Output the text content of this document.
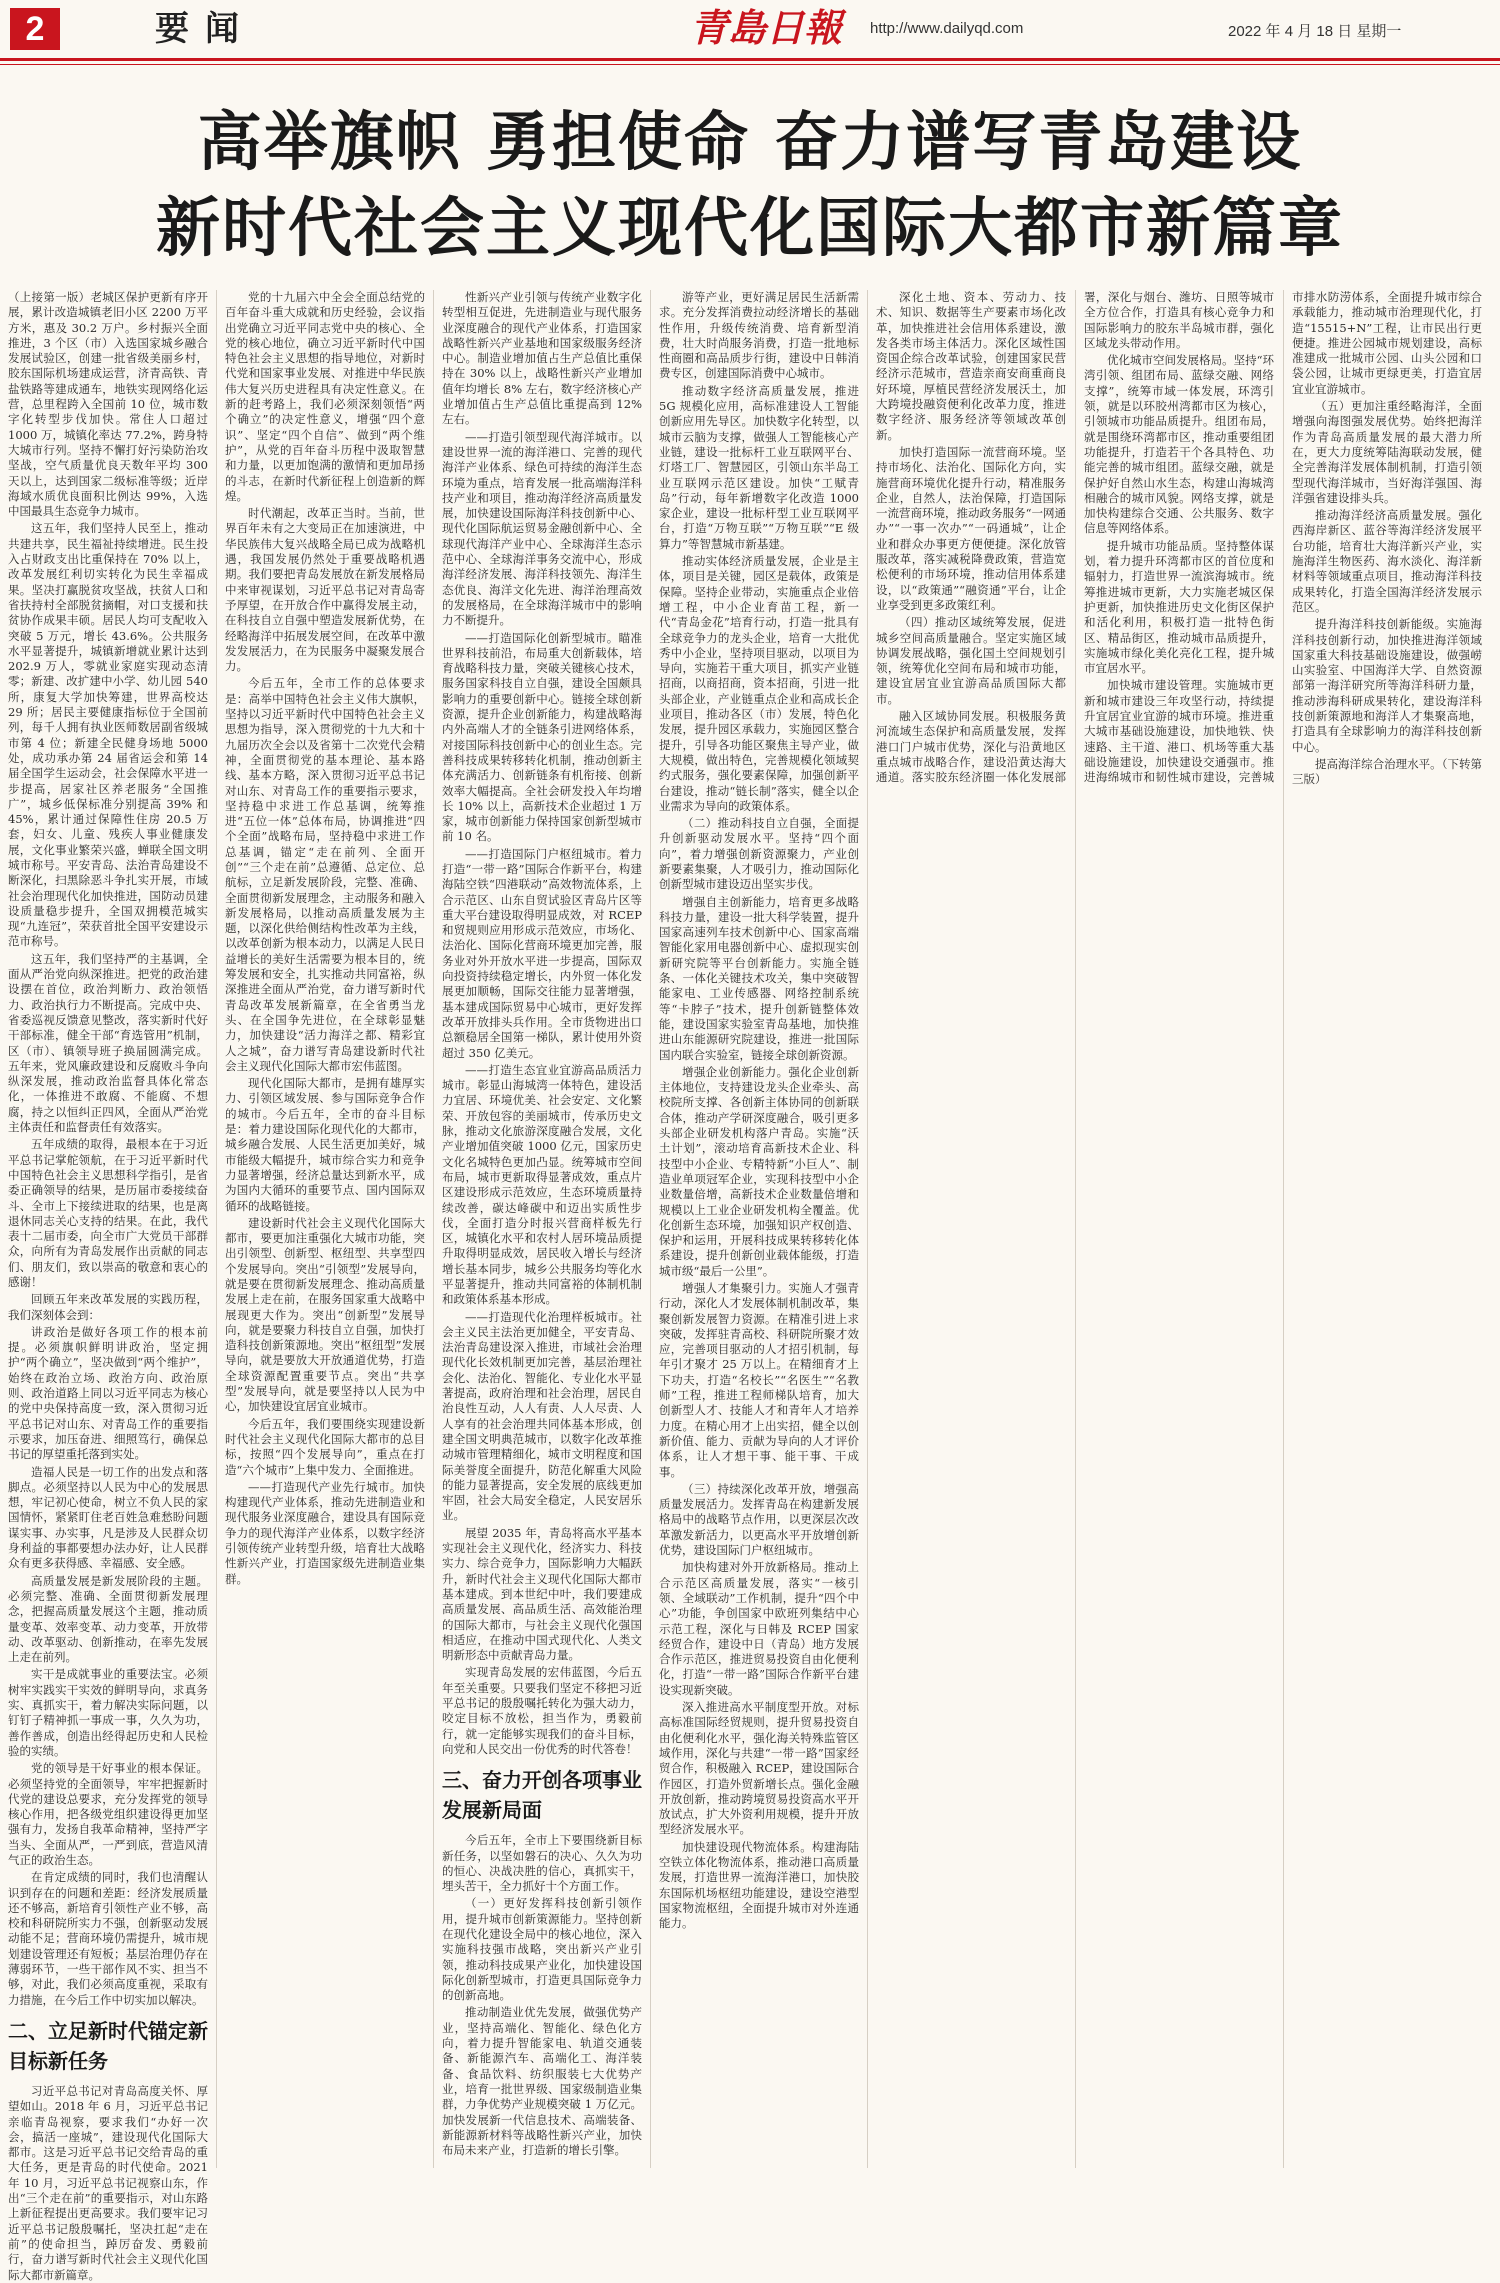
2	要闻	青島日報 http://www.dailyqd.com	2022 年 4 月 18 日 星期一
高举旗帜 勇担使命 奋力谱写青岛建设
新时代社会主义现代化国际大都市新篇章

（上接第一版）老城区保护更新有序开展，累计改造城镇老旧小区 2200 万平方米，惠及 30.2 万户。乡村振兴全面推进，3 个区（市）入选国家城乡融合发展试验区，创建一批省级美丽乡村，胶东国际机场建成运营，济青高铁、青盐铁路等建成通车，地铁实现网络化运营，总里程跨入全国前 10 位，城市数字化转型步伐加快。常住人口超过 1000 万，城镇化率达 77.2%，跨身特大城市行列。坚持不懈打好污染防治攻坚战，空气质量优良天数年平均 300 天以上，达到国家二级标准等级；近岸海域水质优良面积比例达 99%，入选中国最具生态竞争力城市。

这五年，我们坚持人民至上，推动共建共享，民生福祉持续增进。民生投入占财政支出比重保持在 70% 以上，改革发展红利切实转化为民生幸福成果。坚决打赢脱贫攻坚战，扶贫人口和省扶持村全部脱贫摘帽，对口支援和扶贫协作成果丰硕。居民人均可支配收入突破 5 万元，增长 43.6%。公共服务水平显著提升，城镇新增就业累计达到 202.9 万人，零就业家庭实现动态清零；新建、改扩建中小学、幼儿园 540 所，康复大学加快筹建，世界高校达 29 所；居民主要健康指标位于全国前列，每千人拥有执业医师数居副省级城市第 4 位；新建全民健身场地 5000 处，成功承办第 24 届省运会和第 14 届全国学生运动会，社会保障水平进一步提高，居家社区养老服务“全国推广”，城乡低保标准分别提高 39% 和 45%，累计通过保障性住房 20.5 万套，妇女、儿童、残疾人事业健康发展，文化事业繁荣兴盛，蝉联全国文明城市称号。平安青岛、法治青岛建设不断深化，扫黑除恶斗争扎实开展，市域社会治理现代化加快推进，国防动员建设质量稳步提升，全国双拥模范城实现“九连冠”，荣获首批全国平安建设示范市称号。

这五年，我们坚持严的主基调，全面从严治党向纵深推进。把党的政治建设摆在首位，政治判断力、政治领悟力、政治执行力不断提高。完成中央、省委巡视反馈意见整改，落实新时代好干部标准，健全干部“育选管用”机制，区（市）、镇领导班子换届圆满完成。五年来，党风廉政建设和反腐败斗争向纵深发展，推动政治监督具体化常态化，一体推进不敢腐、不能腐、不想腐，持之以恒纠正四风，全面从严治党主体责任和监督责任有效落实。

五年成绩的取得，最根本在于习近平总书记掌舵领航，在于习近平新时代中国特色社会主义思想科学指引，是省委正确领导的结果，是历届市委接续奋斗、全市上下接续进取的结果，也是离退休同志关心支持的结果。在此，我代表十二届市委，向全市广大党员干部群众，向所有为青岛发展作出贡献的同志们、朋友们，致以崇高的敬意和衷心的感谢！

回顾五年来改革发展的实践历程，我们深刻体会到：

讲政治是做好各项工作的根本前提。必须旗帜鲜明讲政治，坚定拥护“两个确立”，坚决做到“两个维护”，始终在政治立场、政治方向、政治原则、政治道路上同以习近平同志为核心的党中央保持高度一致，深入贯彻习近平总书记对山东、对青岛工作的重要指示要求，加压奋进、细照笃行，确保总书记的厚望重托落到实处。

造福人民是一切工作的出发点和落脚点。必须坚持以人民为中心的发展思想，牢记初心使命，树立不负人民的家国情怀，紧紧盯住老百姓急难愁盼问题谋实事、办实事，凡是涉及人民群众切身利益的事都要想办法办好，让人民群众有更多获得感、幸福感、安全感。

高质量发展是新发展阶段的主题。必须完整、准确、全面贯彻新发展理念，把握高质量发展这个主题，推动质量变革、效率变革、动力变革，开放带动、改革驱动、创新推动，在率先发展上走在前列。

实干是成就事业的重要法宝。必须树牢实践实干实效的鲜明导向，求真务实、真抓实干，着力解决实际问题，以钉钉子精神抓一事成一事，久久为功，善作善成，创造出经得起历史和人民检验的实绩。

党的领导是干好事业的根本保证。必须坚持党的全面领导，牢牢把握新时代党的建设总要求，充分发挥党的领导核心作用，把各级党组织建设得更加坚强有力，发扬自我革命精神，坚持严字当头、全面从严，一严到底，营造风清气正的政治生态。

在肯定成绩的同时，我们也清醒认识到存在的问题和差距：经济发展质量还不够高，新培育引领性产业不够，高校和科研院所实力不强，创新驱动发展动能不足；营商环境仍需提升，城市规划建设管理还有短板；基层治理仍存在薄弱环节，一些干部作风不实、担当不够，对此，我们必须高度重视，采取有力措施，在今后工作中切实加以解决。

二、立足新时代锚定新目标新任务

习近平总书记对青岛高度关怀、厚望如山。2018 年 6 月，习近平总书记亲临青岛视察，要求我们“办好一次会，搞活一座城”，建设现代化国际大都市。这是习近平总书记交给青岛的重大任务，更是青岛的时代使命。2021 年 10 月，习近平总书记视察山东，作出“三个走在前”的重要指示，对山东路上新征程提出更高要求。我们要牢记习近平总书记殷殷嘱托，坚决扛起“走在前”的使命担当，踔厉奋发、勇毅前行，奋力谱写新时代社会主义现代化国际大都市新篇章。

党的十九届六中全会全面总结党的百年奋斗重大成就和历史经验，会议指出党确立习近平同志党中央的核心、全党的核心地位，确立习近平新时代中国特色社会主义思想的指导地位，对新时代党和国家事业发展、对推进中华民族伟大复兴历史进程具有决定性意义。在新的赶考路上，我们必须深刻领悟“两个确立”的决定性意义，增强“四个意识”、坚定“四个自信”、做到“两个维护”，从党的百年奋斗历程中汲取智慧和力量，以更加饱满的激情和更加昂扬的斗志，在新时代新征程上创造新的辉煌。

时代潮起，改革正当时。当前，世界百年未有之大变局正在加速演进，中华民族伟大复兴战略全局已成为战略机遇，我国发展仍然处于重要战略机遇期。我们要把青岛发展放在新发展格局中来审视谋划，习近平总书记对青岛寄予厚望，在开放合作中赢得发展主动，在科技自立自强中塑造发展新优势，在经略海洋中拓展发展空间，在改革中激发发展活力，在为民服务中凝聚发展合力。

今后五年，全市工作的总体要求是：高举中国特色社会主义伟大旗帜，坚持以习近平新时代中国特色社会主义思想为指导，深入贯彻党的十九大和十九届历次全会以及省第十二次党代会精神，全面贯彻党的基本理论、基本路线、基本方略，深入贯彻习近平总书记对山东、对青岛工作的重要指示要求，坚持稳中求进工作总基调，统筹推进“五位一体”总体布局，协调推进“四个全面”战略布局，坚持稳中求进工作总基调，锚定“走在前列、全面开创”“三个走在前”总遵循、总定位、总航标，立足新发展阶段，完整、准确、全面贯彻新发展理念，主动服务和融入新发展格局，以推动高质量发展为主题，以深化供给侧结构性改革为主线，以改革创新为根本动力，以满足人民日益增长的美好生活需要为根本目的，统筹发展和安全，扎实推动共同富裕，纵深推进全面从严治党，奋力谱写新时代青岛改革发展新篇章，在全省勇当龙头、在全国争先进位，在全球彰显魅力，加快建设“活力海洋之都、精彩宜人之城”，奋力谱写青岛建设新时代社会主义现代化国际大都市宏伟蓝图。

现代化国际大都市，是拥有雄厚实力、引领区域发展、参与国际竞争合作的城市。今后五年，全市的奋斗目标是：着力建设国际化现代化的大都市，城乡融合发展、人民生活更加美好，城市能级大幅提升，城市综合实力和竞争力显著增强，经济总量达到新水平，成为国内大循环的重要节点、国内国际双循环的战略链接。

建设新时代社会主义现代化国际大都市，要更加注重强化大城市功能，突出引领型、创新型、枢纽型、共享型四个发展导向。突出“引领型”发展导向，就是要在贯彻新发展理念、推动高质量发展上走在前，在服务国家重大战略中展现更大作为。突出“创新型”发展导向，就是要聚力科技自立自强，加快打造科技创新策源地。突出“枢纽型”发展导向，就是要放大开放通道优势，打造全球资源配置重要节点。突出“共享型”发展导向，就是要坚持以人民为中心，加快建设宜居宜业城市。

今后五年，我们要围绕实现建设新时代社会主义现代化国际大都市的总目标，按照“四个发展导向”，重点在打造“六个城市”上集中发力、全面推进。

——打造现代产业先行城市。加快构建现代产业体系，推动先进制造业和现代服务业深度融合，建设具有国际竞争力的现代海洋产业体系，以数字经济引领传统产业转型升级，培育壮大战略性新兴产业，打造国家级先进制造业集群。

性新兴产业引领与传统产业数字化转型相互促进，先进制造业与现代服务业深度融合的现代产业体系，打造国家战略性新兴产业基地和国家级服务经济中心。制造业增加值占生产总值比重保持在 30% 以上，战略性新兴产业增加值年均增长 8% 左右，数字经济核心产业增加值占生产总值比重提高到 12% 左右。

——打造引领型现代海洋城市。以建设世界一流的海洋港口、完善的现代海洋产业体系、绿色可持续的海洋生态环境为重点，培育发展一批高端海洋科技产业和项目，推动海洋经济高质量发展，加快建设国际海洋科技创新中心、现代化国际航运贸易金融创新中心、全球现代海洋产业中心、全球海洋生态示范中心、全球海洋事务交流中心，形成海洋经济发展、海洋科技领先、海洋生态优良、海洋文化先进、海洋治理高效的发展格局，在全球海洋城市中的影响力不断提升。

——打造国际化创新型城市。瞄准世界科技前沿，布局重大创新载体，培育战略科技力量，突破关键核心技术，服务国家科技自立自强，建设全国颇具影响力的重要创新中心。链接全球创新资源，提升企业创新能力，构建战略海内外高端人才的全链条引进网络体系，对接国际科技创新中心的创业生态。完善科技成果转移转化机制，推动创新主体充满活力、创新链条有机衔接、创新效率大幅提高。全社会研发投入年均增长 10% 以上，高新技术企业超过 1 万家，城市创新能力保持国家创新型城市前 10 名。

——打造国际门户枢纽城市。着力打造“一带一路”国际合作新平台，构建海陆空铁“四港联动”高效物流体系，上合示范区、山东自贸试验区青岛片区等重大平台建设取得明显成效，对 RCEP 和贸规则应用形成示范效应，市场化、法治化、国际化营商环境更加完善，服务业对外开放水平进一步提高，国际双向投资持续稳定增长，内外贸一体化发展更加顺畅，国际交往能力显著增强，基本建成国际贸易中心城市，更好发挥改革开放排头兵作用。全市货物进出口总额稳居全国第一梯队，累计使用外资超过 350 亿美元。

——打造生态宜业宜游高品质活力城市。彰显山海城湾一体特色，建设活力宜居、环境优美、社会安定、文化繁荣、开放包容的美丽城市，传承历史文脉，推动文化旅游深度融合发展，文化产业增加值突破 1000 亿元，国家历史文化名城特色更加凸显。统筹城市空间布局，城市更新取得显著成效，重点片区建设形成示范效应，生态环境质量持续改善，碳达峰碳中和迈出实质性步伐，全面打造分时报兴营商样板先行区，城镇化水平和农村人居环境品质提升取得明显成效，居民收入增长与经济增长基本同步，城乡公共服务均等化水平显著提升，推动共同富裕的体制机制和政策体系基本形成。

——打造现代化治理样板城市。社会主义民主法治更加健全，平安青岛、法治青岛建设深入推进，市域社会治理现代化长效机制更加完善，基层治理社会化、法治化、智能化、专业化水平显著提高，政府治理和社会治理，居民自治良性互动，人人有责、人人尽责、人人享有的社会治理共同体基本形成，创建全国文明典范城市，以数字化改革推动城市管理精细化，城市文明程度和国际美誉度全面提升，防范化解重大风险的能力显著提高，安全发展的底线更加牢固，社会大局安全稳定，人民安居乐业。

展望 2035 年，青岛将高水平基本实现社会主义现代化，经济实力、科技实力、综合竞争力，国际影响力大幅跃升，新时代社会主义现代化国际大都市基本建成。到本世纪中叶，我们要建成高质量发展、高品质生活、高效能治理的国际大都市，与社会主义现代化强国相适应，在推动中国式现代化、人类文明新形态中贡献青岛力量。

实现青岛发展的宏伟蓝图，今后五年至关重要。只要我们坚定不移把习近平总书记的殷殷嘱托转化为强大动力，咬定目标不放松，担当作为，勇毅前行，就一定能够实现我们的奋斗目标，向党和人民交出一份优秀的时代答卷！

三、奋力开创各项事业发展新局面

今后五年，全市上下要围绕新目标新任务，以坚如磐石的决心、久久为功的恒心、决战决胜的信心，真抓实干，埋头苦干，全力抓好十个方面工作。

（一）更好发挥科技创新引领作用，提升城市创新策源能力。坚持创新在现代化建设全局中的核心地位，深入实施科技强市战略，突出新兴产业引领，推动科技成果产业化，加快建设国际化创新型城市，打造更具国际竞争力的创新高地。

推动制造业优先发展，做强优势产业，坚持高端化、智能化、绿色化方向，着力提升智能家电、轨道交通装备、新能源汽车、高端化工、海洋装备、食品饮料、纺织服装七大优势产业，培育一批世界级、国家级制造业集群，力争优势产业规模突破 1 万亿元。加快发展新一代信息技术、高端装备、新能源新材料等战略性新兴产业，加快布局未来产业，打造新的增长引擎。

游等产业，更好满足居民生活新需求。充分发挥消费拉动经济增长的基础性作用，升级传统消费、培育新型消费，壮大时尚服务消费，打造一批地标性商圈和高品质步行街，建设中日韩消费专区，创建国际消费中心城市。

推动数字经济高质量发展，推进 5G 规模化应用，高标准建设人工智能创新应用先导区。加快数字化转型，以城市云脑为支撑，做强人工智能核心产业链，建设一批标杆工业互联网平台、灯塔工厂、智慧园区，引领山东半岛工业互联网示范区建设。加快“工赋青岛”行动，每年新增数字化改造 1000 家企业，建设一批标杆型工业互联网平台，打造“万物互联”“万物互联”“E 级算力”等智慧城市新基建。

推动实体经济质量发展，企业是主体，项目是关键，园区是载体，政策是保障。坚持企业带动，实施重点企业倍增工程，中小企业育苗工程，新一代“青岛金花”培育行动，打造一批具有全球竞争力的龙头企业，培育一大批优秀中小企业，坚持项目驱动，以项目为导向，实施若干重大项目，抓实产业链招商，以商招商，资本招商，引进一批头部企业，产业链重点企业和高成长企业项目，推动各区（市）发展，特色化发展，提升园区承载力，实施园区整合提升，引导各功能区聚焦主导产业，做大规模，做出特色，完善规模化领域契约式服务，强化要素保障，加强创新平台建设，推动“链长制”落实，健全以企业需求为导向的政策体系。

（二）推动科技自立自强，全面提升创新驱动发展水平。坚持“四个面向”，着力增强创新资源聚力，产业创新要素集聚，人才吸引力，推动国际化创新型城市建设迈出坚实步伐。

增强自主创新能力，培育更多战略科技力量，建设一批大科学装置，提升国家高速列车技术创新中心、国家高端智能化家用电器创新中心、虚拟现实创新研究院等平台创新能力。实施全链条、一体化关键技术攻关，集中突破智能家电、工业传感器、网络控制系统等“卡脖子”技术，提升创新链整体效能，建设国家实验室青岛基地，加快推进山东能源研究院建设，推进一批国际国内联合实验室，链接全球创新资源。

增强企业创新能力。强化企业创新主体地位，支持建设龙头企业牵头、高校院所支撑、各创新主体协同的创新联合体，推动产学研深度融合，吸引更多头部企业研发机构落户青岛。实施“沃土计划”，滚动培育高新技术企业、科技型中小企业、专精特新“小巨人”、制造业单项冠军企业，实现科技型中小企业数量倍增，高新技术企业数量倍增和规模以上工业企业研发机构全覆盖。优化创新生态环境，加强知识产权创造、保护和运用，开展科技成果转移转化体系建设，提升创新创业载体能级，打造城市级“最后一公里”。

增强人才集聚引力。实施人才强青行动，深化人才发展体制机制改革，集聚创新发展智力资源。在精准引进上求突破，发挥驻青高校、科研院所聚才效应，完善项目驱动的人才招引机制，每年引才聚才 25 万以上。在精细育才上下功夫，打造“名校长”“名医生”“名教师”工程，推进工程师梯队培育，加大创新型人才、技能人才和青年人才培养力度。在精心用才上出实招，健全以创新价值、能力、贡献为导向的人才评价体系，让人才想干事、能干事、干成事。

（三）持续深化改革开放，增强高质量发展活力。发挥青岛在构建新发展格局中的战略节点作用，以更深层次改革激发新活力，以更高水平开放增创新优势，建设国际门户枢纽城市。

加快构建对外开放新格局。推动上合示范区高质量发展，落实“一核引领、全域联动”工作机制，提升“四个中心”功能，争创国家中欧班列集结中心示范工程，深化与日韩及 RCEP 国家经贸合作，建设中日（青岛）地方发展合作示范区，推进贸易投资自由化便利化，打造“一带一路”国际合作新平台建设实现新突破。

深入推进高水平制度型开放。对标高标准国际经贸规则，提升贸易投资自由化便利化水平，强化海关特殊监管区域作用，深化与共建“一带一路”国家经贸合作，积极融入 RCEP，建设国际合作园区，打造外贸新增长点。强化金融开放创新，推动跨境贸易投资高水平开放试点，扩大外资利用规模，提升开放型经济发展水平。

加快建设现代物流体系。构建海陆空铁立体化物流体系，推动港口高质量发展，打造世界一流海洋港口，加快胶东国际机场枢纽功能建设，建设空港型国家物流枢纽，全面提升城市对外连通能力。

深化土地、资本、劳动力、技术、知识、数据等生产要素市场化改革，加快推进社会信用体系建设，激发各类市场主体活力。深化区域性国资国企综合改革试验，创建国家民营经济示范城市，营造亲商安商重商良好环境，厚植民营经济发展沃土，加大跨境投融资便利化改革力度，推进数字经济、服务经济等领域改革创新。

加快打造国际一流营商环境。坚持市场化、法治化、国际化方向，实施营商环境优化提升行动，精准服务企业，自然人，法治保障，打造国际一流营商环境，推动政务服务“一网通办”“一事一次办”“一码通城”，让企业和群众办事更方便便捷。深化放管服改革，落实减税降费政策，营造宽松便利的市场环境，推动信用体系建设，以“政策通”“融资通”平台，让企业享受到更多政策红利。

（四）推动区域统筹发展，促进城乡空间高质量融合。坚定实施区域协调发展战略，强化国土空间规划引领，统筹优化空间布局和城市功能，建设宜居宜业宜游高品质国际大都市。

融入区域协同发展。积极服务黄河流域生态保护和高质量发展，发挥港口门户城市优势，深化与沿黄地区重点城市战略合作，建设沿黄达海大通道。落实胶东经济圈一体化发展部署，深化与烟台、潍坊、日照等城市全方位合作，打造具有核心竞争力和国际影响力的胶东半岛城市群，强化区域龙头带动作用。

优化城市空间发展格局。坚持“环湾引领、组团布局、蓝绿交融、网络支撑”，统筹市域一体发展，环湾引领，就是以环胶州湾都市区为核心，引领城市功能品质提升。组团布局，就是围绕环湾都市区，推动重要组团功能提升，打造若干个各具特色、功能完善的城市组团。蓝绿交融，就是保护好自然山水生态，构建山海城湾相融合的城市风貌。网络支撑，就是加快构建综合交通、公共服务、数字信息等网络体系。

提升城市功能品质。坚持整体谋划，着力提升环湾都市区的首位度和辐射力，打造世界一流滨海城市。统筹推进城市更新，大力实施老城区保护更新，加快推进历史文化街区保护和活化利用，积极打造一批特色街区、精品街区，推动城市品质提升，实施城市绿化美化亮化工程，提升城市宜居水平。

加快城市建设管理。实施城市更新和城市建设三年攻坚行动，持续提升宜居宜业宜游的城市环境。推进重大城市基础设施建设，加快地铁、快速路、主干道、港口、机场等重大基础设施建设，加快建设交通强市。推进海绵城市和韧性城市建设，完善城市排水防涝体系，全面提升城市综合承载能力，推动城市治理现代化，打造“15515+N”工程，让市民出行更便捷。推进公园城市规划建设，高标准建成一批城市公园、山头公园和口袋公园，让城市更绿更美，打造宜居宜业宜游城市。

（五）更加注重经略海洋，全面增强向海图强发展优势。始终把海洋作为青岛高质量发展的最大潜力所在，更大力度统筹陆海联动发展，健全完善海洋发展体制机制，打造引领型现代海洋城市，当好海洋强国、海洋强省建设排头兵。

推动海洋经济高质量发展。强化西海岸新区、蓝谷等海洋经济发展平台功能，培育壮大海洋新兴产业，实施海洋生物医药、海水淡化、海洋新材料等领域重点项目，推动海洋科技成果转化，打造全国海洋经济发展示范区。

提升海洋科技创新能级。实施海洋科技创新行动，加快推进海洋领域国家重大科技基础设施建设，做强崂山实验室、中国海洋大学、自然资源部第一海洋研究所等海洋科研力量，推动涉海科研成果转化，建设海洋科技创新策源地和海洋人才集聚高地，打造具有全球影响力的海洋科技创新中心。

提高海洋综合治理水平。（下转第三版）
